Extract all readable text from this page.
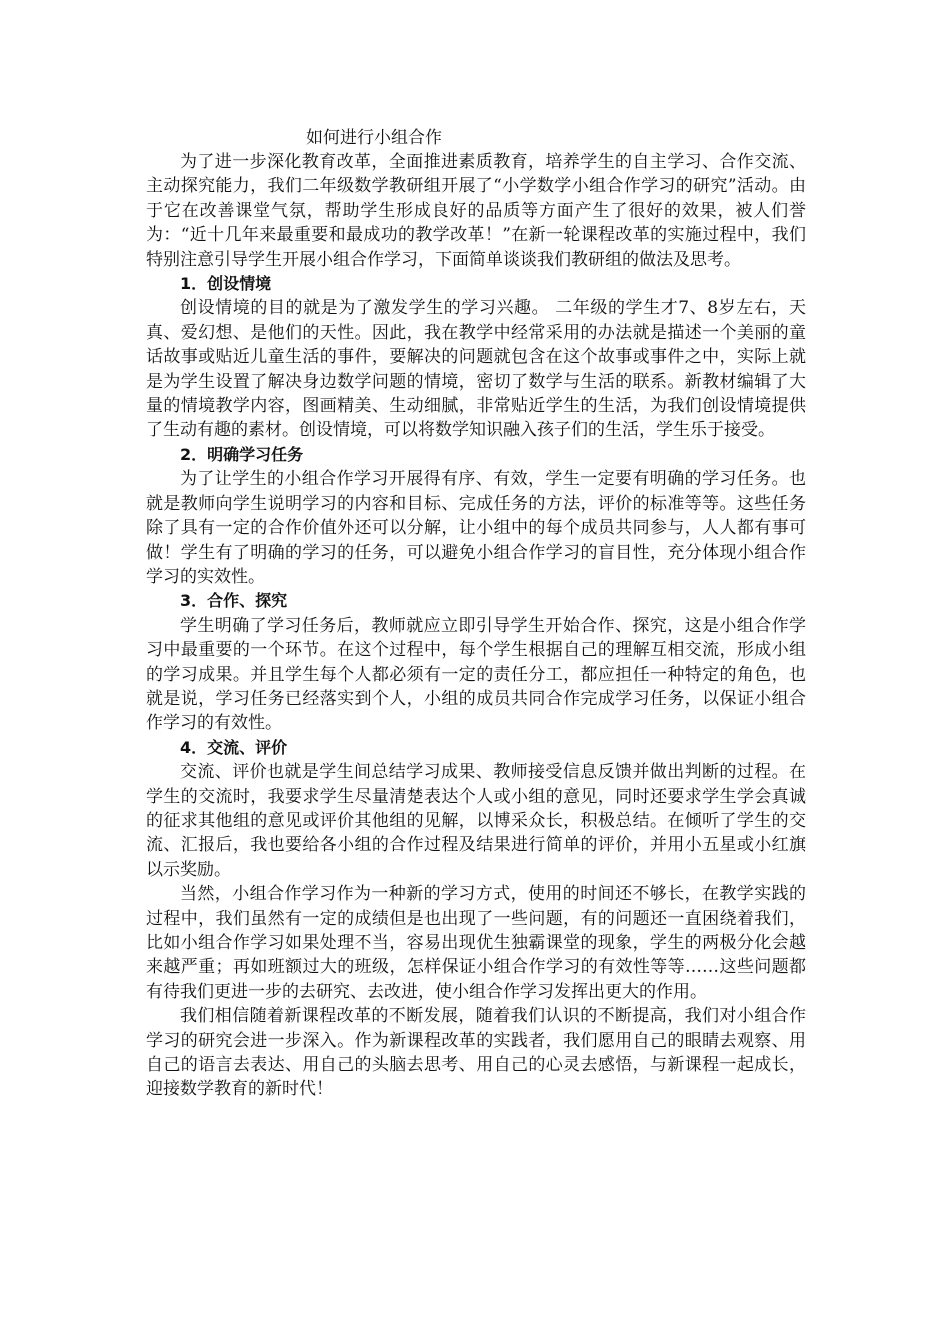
如何进行小组合作

为了进一步深化教育改革，全面推进素质教育，培养学生的自主学习、合作交流、主动探究能力，我们二年级数学教研组开展了“小学数学小组合作学习的研究”活动。由于它在改善课堂气氛，帮助学生形成良好的品质等方面产生了很好的效果，被人们誉为：“近十几年来最重要和最成功的教学改革！”在新一轮课程改革的实施过程中，我们特别注意引导学生开展小组合作学习，下面简单谈谈我们教研组的做法及思考。

1．创设情境

创设情境的目的就是为了激发学生的学习兴趣。 二年级的学生才7、8岁左右，天真、爱幻想、是他们的天性。因此，我在教学中经常采用的办法就是描述一个美丽的童话故事或贴近儿童生活的事件，要解决的问题就包含在这个故事或事件之中，实际上就是为学生设置了解决身边数学问题的情境，密切了数学与生活的联系。新教材编辑了大量的情境教学内容，图画精美、生动细腻，非常贴近学生的生活，为我们创设情境提供了生动有趣的素材。创设情境，可以将数学知识融入孩子们的生活，学生乐于接受。

2．明确学习任务

为了让学生的小组合作学习开展得有序、有效，学生一定要有明确的学习任务。也就是教师向学生说明学习的内容和目标、完成任务的方法，评价的标准等等。这些任务除了具有一定的合作价值外还可以分解，让小组中的每个成员共同参与，人人都有事可做！学生有了明确的学习的任务，可以避免小组合作学习的盲目性，充分体现小组合作学习的实效性。

3．合作、探究

学生明确了学习任务后，教师就应立即引导学生开始合作、探究，这是小组合作学习中最重要的一个环节。在这个过程中，每个学生根据自己的理解互相交流，形成小组的学习成果。并且学生每个人都必须有一定的责任分工，都应担任一种特定的角色，也就是说，学习任务已经落实到个人，小组的成员共同合作完成学习任务，以保证小组合作学习的有效性。

4．交流、评价

交流、评价也就是学生间总结学习成果、教师接受信息反馈并做出判断的过程。在学生的交流时，我要求学生尽量清楚表达个人或小组的意见，同时还要求学生学会真诚的征求其他组的意见或评价其他组的见解，以博采众长，积极总结。在倾听了学生的交流、汇报后，我也要给各小组的合作过程及结果进行简单的评价，并用小五星或小红旗以示奖励。

当然，小组合作学习作为一种新的学习方式，使用的时间还不够长，在教学实践的过程中，我们虽然有一定的成绩但是也出现了一些问题，有的问题还一直困绕着我们，比如小组合作学习如果处理不当，容易出现优生独霸课堂的现象，学生的两极分化会越来越严重；再如班额过大的班级，怎样保证小组合作学习的有效性等等……这些问题都有待我们更进一步的去研究、去改进，使小组合作学习发挥出更大的作用。

我们相信随着新课程改革的不断发展，随着我们认识的不断提高，我们对小组合作学习的研究会进一步深入。作为新课程改革的实践者，我们愿用自己的眼睛去观察、用自己的语言去表达、用自己的头脑去思考、用自己的心灵去感悟，与新课程一起成长，迎接数学教育的新时代！
